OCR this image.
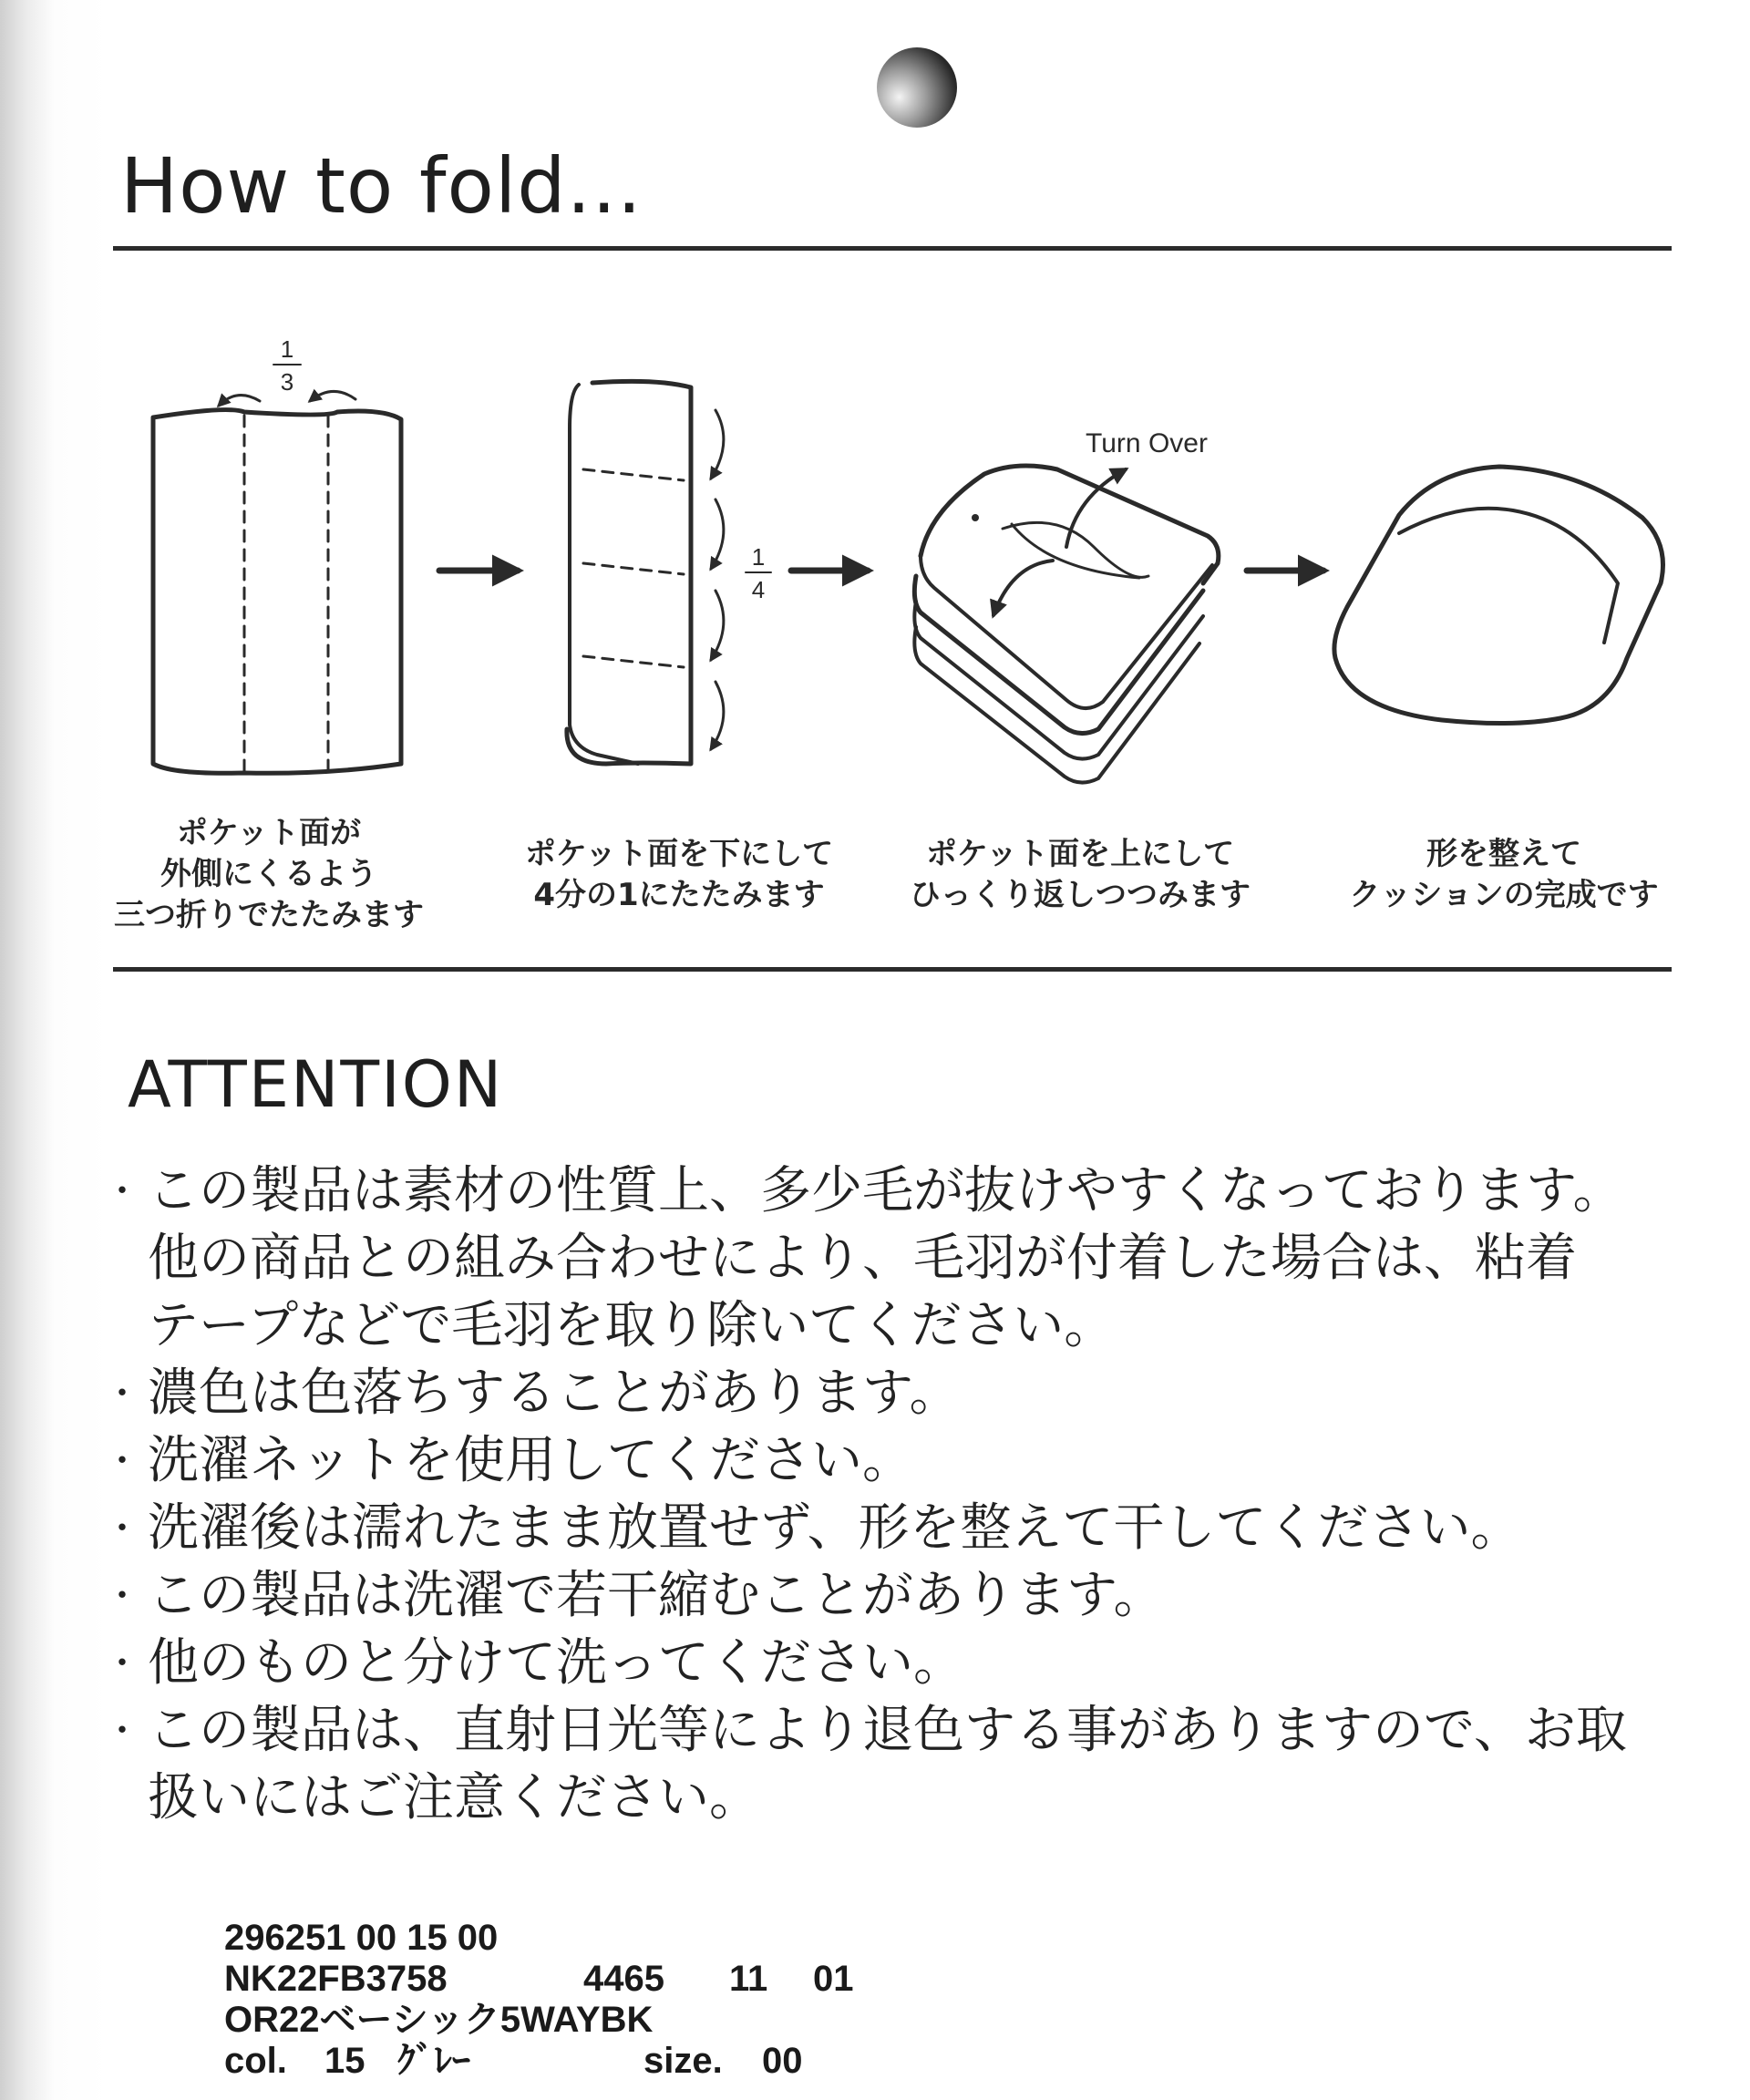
How to fold...
1
3
1
4
Turn Over
ポケット面が
外側にくるよう
三つ折りでたたみます
ポケット面を下にして
4分の1にたたみます
ポケット面を上にして
ひっくり返しつつみます
形を整えて
クッションの完成です
ATTENTION
・ この製品は素材の性質上、多少毛が抜けやすくなっております。
他の商品との組み合わせにより、毛羽が付着した場合は、粘着
テープなどで毛羽を取り除いてください。
・ 濃色は色落ちすることがあります。
・ 洗濯ネットを使用してください。
・ 洗濯後は濡れたまま放置せず、形を整えて干してください。
・ この製品は洗濯で若干縮むことがあります。
・ 他のものと分けて洗ってください。
・ この製品は、直射日光等により退色する事がありますので、お取
扱いにはご注意ください。
296251 00 15 00
NK22FB3758	4465 11 01
OR22ベーシック5WAYBK
col. 15 ｸﾞﾚｰ	size. 00
